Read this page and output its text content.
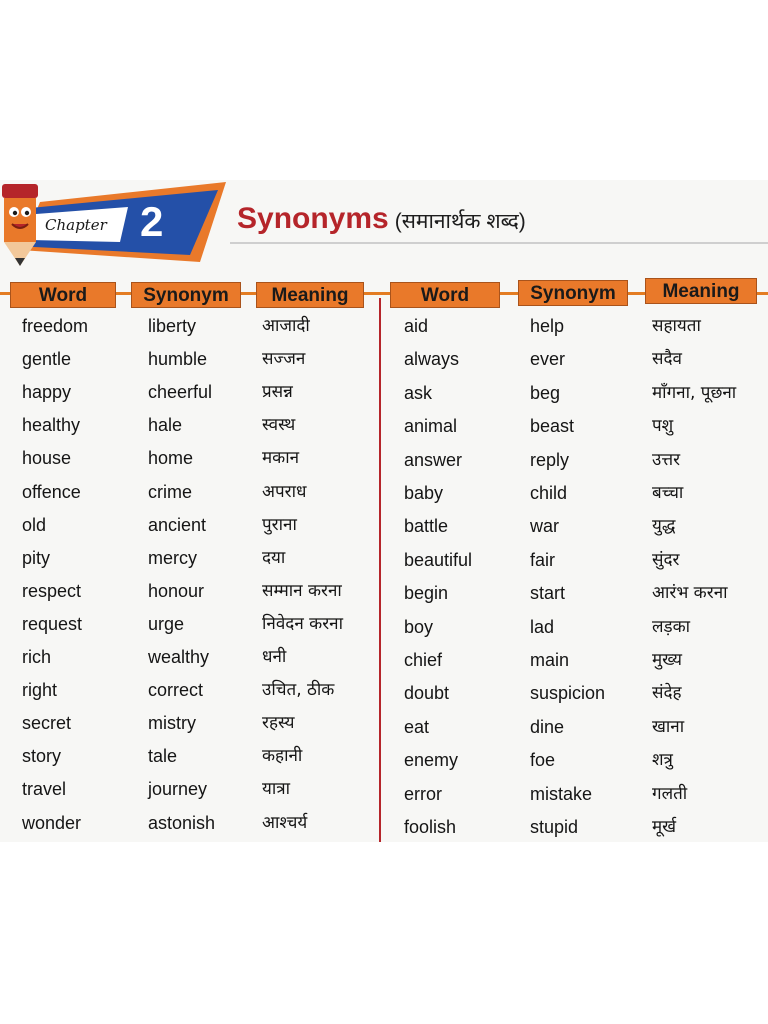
Chapter 2 Synonyms (समानार्थक शब्द)
Word	Synonym	Meaning	Word	Synonym	Meaning
freedom	liberty	आजादी
gentle	humble	सज्जन
happy	cheerful	प्रसन्न
healthy	hale	स्वस्थ
house	home	मकान
offence	crime	अपराध
old	ancient	पुराना
pity	mercy	दया
respect	honour	सम्मान करना
request	urge	निवेदन करना
rich	wealthy	धनी
right	correct	उचित, ठीक
secret	mistry	रहस्य
story	tale	कहानी
travel	journey	यात्रा
wonder	astonish	आश्चर्य
aid	help	सहायता
always	ever	सदैव
ask	beg	माँगना, पूछना
animal	beast	पशु
answer	reply	उत्तर
baby	child	बच्चा
battle	war	युद्ध
beautiful	fair	सुंदर
begin	start	आरंभ करना
boy	lad	लड़का
chief	main	मुख्य
doubt	suspicion	संदेह
eat	dine	खाना
enemy	foe	शत्रु
error	mistake	गलती
foolish	stupid	मूर्ख
